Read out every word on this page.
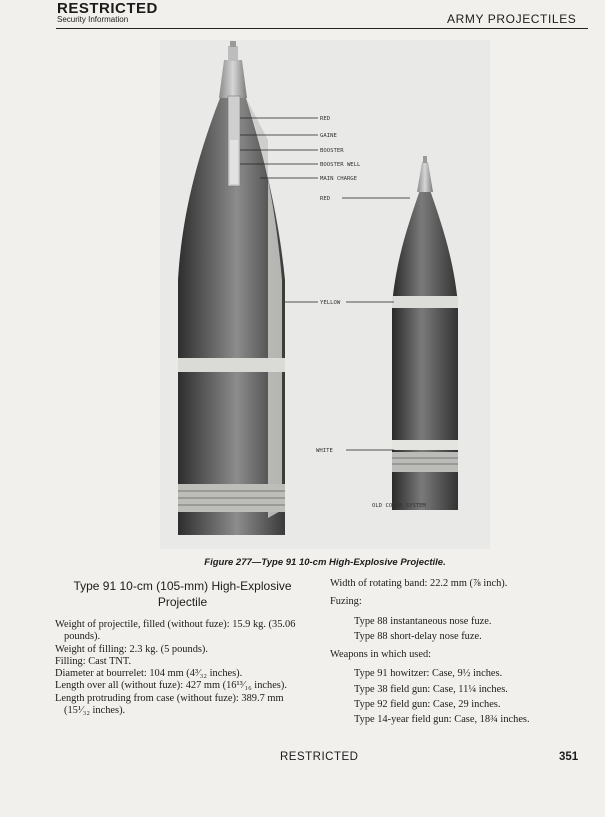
RESTRICTED
Security Information	ARMY PROJECTILES
RED
GAINE
BOOSTER
BOOSTER WELL
MAIN CHARGE
RED
YELLOW
WHITE
OLD COLOR SYSTEM
Figure 277—Type 91 10-cm High-Explosive Projectile.
Type 91 10-cm (105-mm) High-Explosive
Projectile

Weight of projectile, filled (without fuze): 15.9 kg. (35.06 pounds).

Weight of filling: 2.3 kg. (5 pounds).

Filling: Cast TNT.

Diameter at bourrelet: 104 mm (4³⁄₃₂ inches).

Length over all (without fuze): 427 mm (16¹³⁄₁₆ inches).

Length protruding from case (without fuze): 389.7 mm (15¹⁄₃₂ inches).

Width of rotating band: 22.2 mm (⅞ inch).

Fuzing:

Type 88 instantaneous nose fuze.

Type 88 short-delay nose fuze.

Weapons in which used:

Type 91 howitzer: Case, 9½ inches.

Type 38 field gun: Case, 11¼ inches.

Type 92 field gun: Case, 29 inches.

Type 14-year field gun: Case, 18¾ inches.

RESTRICTED	351
